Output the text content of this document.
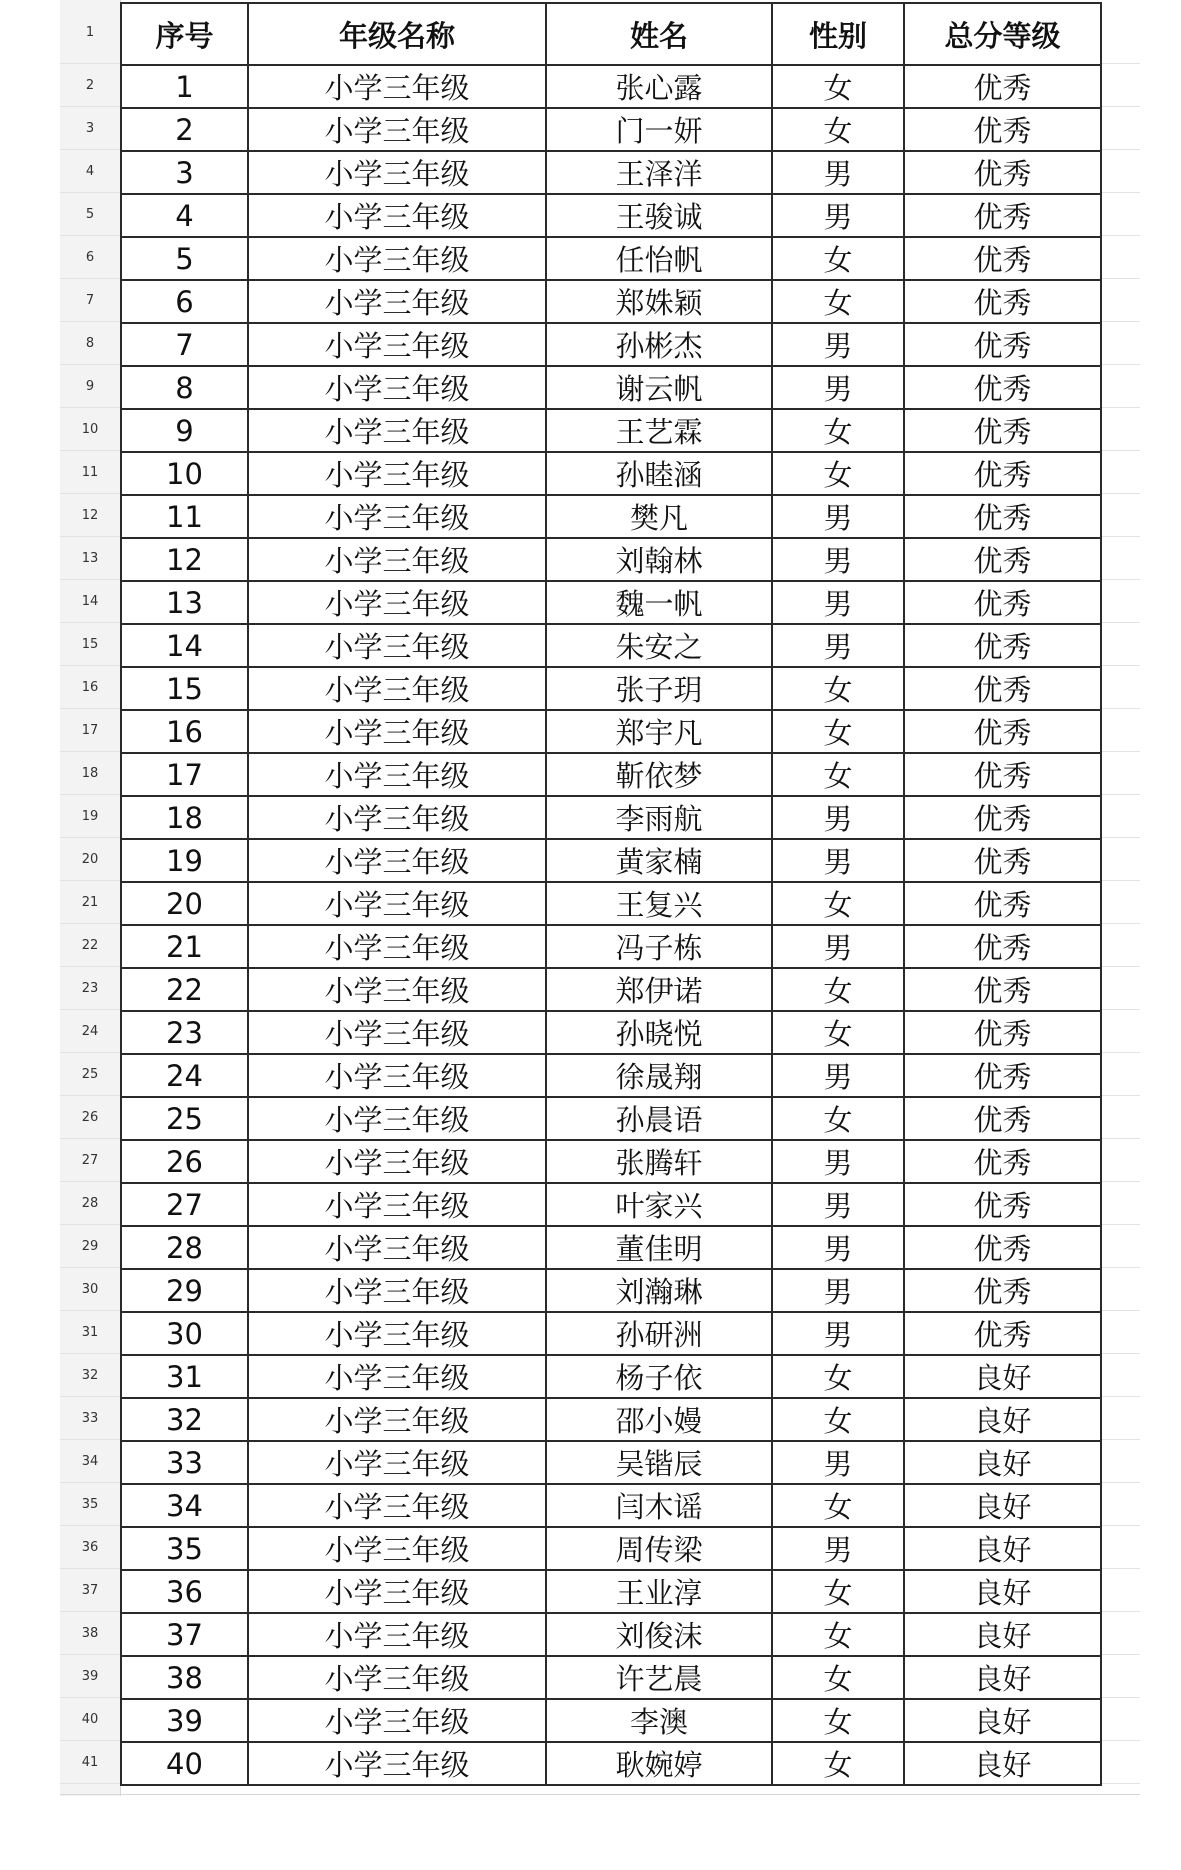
1
2
3
4
5
6
7
8
9
10
11
12
13
14
15
16
17
18
19
20
21
22
23
24
25
26
27
28
29
30
31
32
33
34
35
36
37
38
39
40
41
序号	年级名称	姓名	性别	总分等级
1	小学三年级	张心露	女	优秀
2	小学三年级	门一妍	女	优秀
3	小学三年级	王泽洋	男	优秀
4	小学三年级	王骏诚	男	优秀
5	小学三年级	任怡帆	女	优秀
6	小学三年级	郑姝颖	女	优秀
7	小学三年级	孙彬杰	男	优秀
8	小学三年级	谢云帆	男	优秀
9	小学三年级	王艺霖	女	优秀
10	小学三年级	孙睦涵	女	优秀
11	小学三年级	樊凡	男	优秀
12	小学三年级	刘翰林	男	优秀
13	小学三年级	魏一帆	男	优秀
14	小学三年级	朱安之	男	优秀
15	小学三年级	张子玥	女	优秀
16	小学三年级	郑宇凡	女	优秀
17	小学三年级	靳依梦	女	优秀
18	小学三年级	李雨航	男	优秀
19	小学三年级	黄家楠	男	优秀
20	小学三年级	王复兴	女	优秀
21	小学三年级	冯子栋	男	优秀
22	小学三年级	郑伊诺	女	优秀
23	小学三年级	孙晓悦	女	优秀
24	小学三年级	徐晟翔	男	优秀
25	小学三年级	孙晨语	女	优秀
26	小学三年级	张腾轩	男	优秀
27	小学三年级	叶家兴	男	优秀
28	小学三年级	董佳明	男	优秀
29	小学三年级	刘瀚琳	男	优秀
30	小学三年级	孙研洲	男	优秀
31	小学三年级	杨子依	女	良好
32	小学三年级	邵小嫚	女	良好
33	小学三年级	吴锴辰	男	良好
34	小学三年级	闫木谣	女	良好
35	小学三年级	周传梁	男	良好
36	小学三年级	王业淳	女	良好
37	小学三年级	刘俊沫	女	良好
38	小学三年级	许艺晨	女	良好
39	小学三年级	李澳	女	良好
40	小学三年级	耿婉婷	女	良好
